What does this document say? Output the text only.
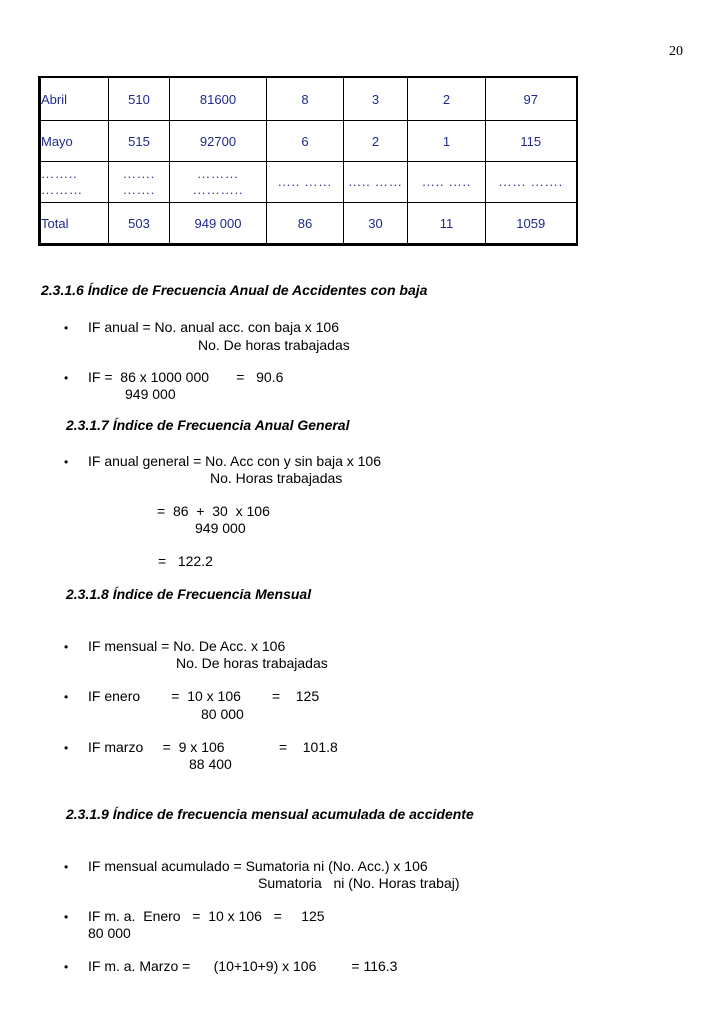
20
Abril	510	81600	8	3	2	97
Mayo	515	92700	6	2	1	115
…….. ………	……. …….	……… ………..	….. ……	….. ……	….. …..	…… …….
Total	503	949 000	86	30	11	1059
2.3.1.6 Índice de Frecuencia Anual de Accidentes con baja
• IF anual = No. anual acc. con baja x 106
No. De horas trabajadas
• IF =  86 x 1000 000       =   90.6
949 000
2.3.1.7 Índice de Frecuencia Anual General
• IF anual general = No. Acc con y sin baja x 106
No. Horas trabajadas
=  86  +  30  x 106
949 000
=   122.2
2.3.1.8 Índice de Frecuencia Mensual
• IF mensual = No. De Acc. x 106
No. De horas trabajadas
• IF enero        =  10 x 106        =    125
80 000
• IF marzo     =  9 x 106              =    101.8
88 400
2.3.1.9 Índice de frecuencia mensual acumulada de accidente
• IF mensual acumulado = Sumatoria ni (No. Acc.) x 106
Sumatoria   ni (No. Horas trabaj)
• IF m. a.  Enero   =  10 x 106   =     125
80 000
• IF m. a. Marzo =      (10+10+9) x 106         = 116.3
